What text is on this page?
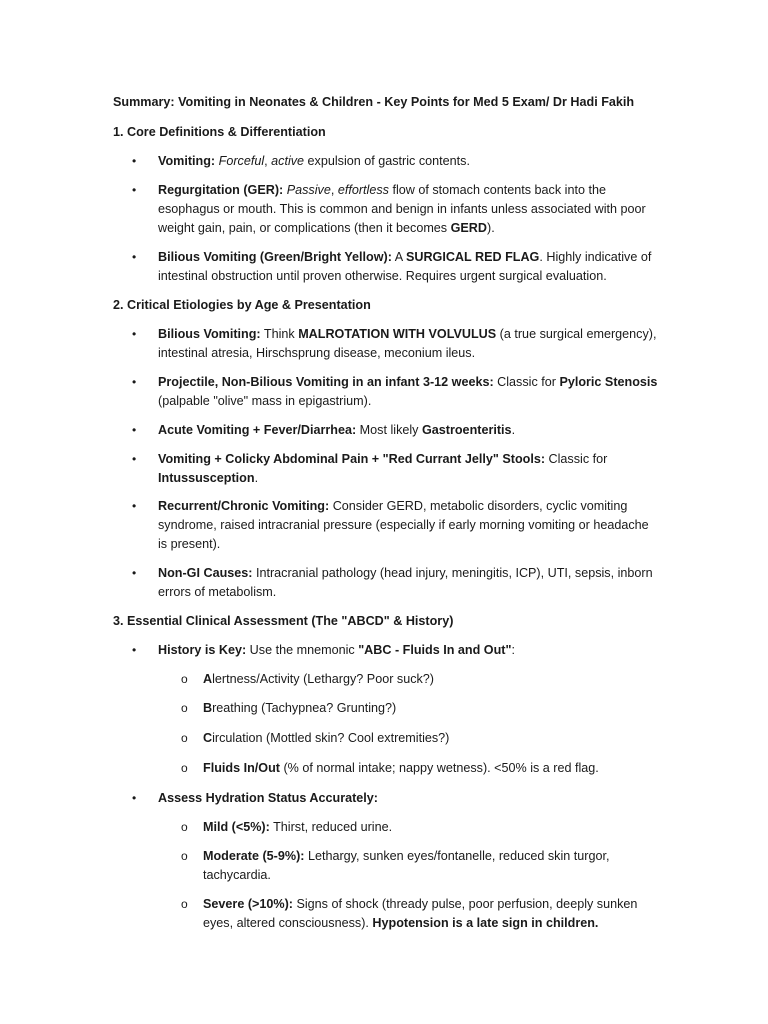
Summary: Vomiting in Neonates & Children - Key Points for Med 5 Exam/ Dr Hadi Fakih
1. Core Definitions & Differentiation
• Vomiting: Forceful, active expulsion of gastric contents.
• Regurgitation (GER): Passive, effortless flow of stomach contents back into the esophagus or mouth. This is common and benign in infants unless associated with poor weight gain, pain, or complications (then it becomes GERD).
• Bilious Vomiting (Green/Bright Yellow): A SURGICAL RED FLAG. Highly indicative of intestinal obstruction until proven otherwise. Requires urgent surgical evaluation.
2. Critical Etiologies by Age & Presentation
• Bilious Vomiting: Think MALROTATION WITH VOLVULUS (a true surgical emergency), intestinal atresia, Hirschsprung disease, meconium ileus.
• Projectile, Non-Bilious Vomiting in an infant 3-12 weeks: Classic for Pyloric Stenosis (palpable "olive" mass in epigastrium).
• Acute Vomiting + Fever/Diarrhea: Most likely Gastroenteritis.
• Vomiting + Colicky Abdominal Pain + "Red Currant Jelly" Stools: Classic for Intussusception.
• Recurrent/Chronic Vomiting: Consider GERD, metabolic disorders, cyclic vomiting syndrome, raised intracranial pressure (especially if early morning vomiting or headache is present).
• Non-GI Causes: Intracranial pathology (head injury, meningitis, ICP), UTI, sepsis, inborn errors of metabolism.
3. Essential Clinical Assessment (The "ABCD" & History)
• History is Key: Use the mnemonic "ABC - Fluids In and Out":
o Alertness/Activity (Lethargy? Poor suck?)
o Breathing (Tachypnea? Grunting?)
o Circulation (Mottled skin? Cool extremities?)
o Fluids In/Out (% of normal intake; nappy wetness). <50% is a red flag.
• Assess Hydration Status Accurately:
o Mild (<5%): Thirst, reduced urine.
o Moderate (5-9%): Lethargy, sunken eyes/fontanelle, reduced skin turgor, tachycardia.
o Severe (>10%): Signs of shock (thready pulse, poor perfusion, deeply sunken eyes, altered consciousness). Hypotension is a late sign in children.
